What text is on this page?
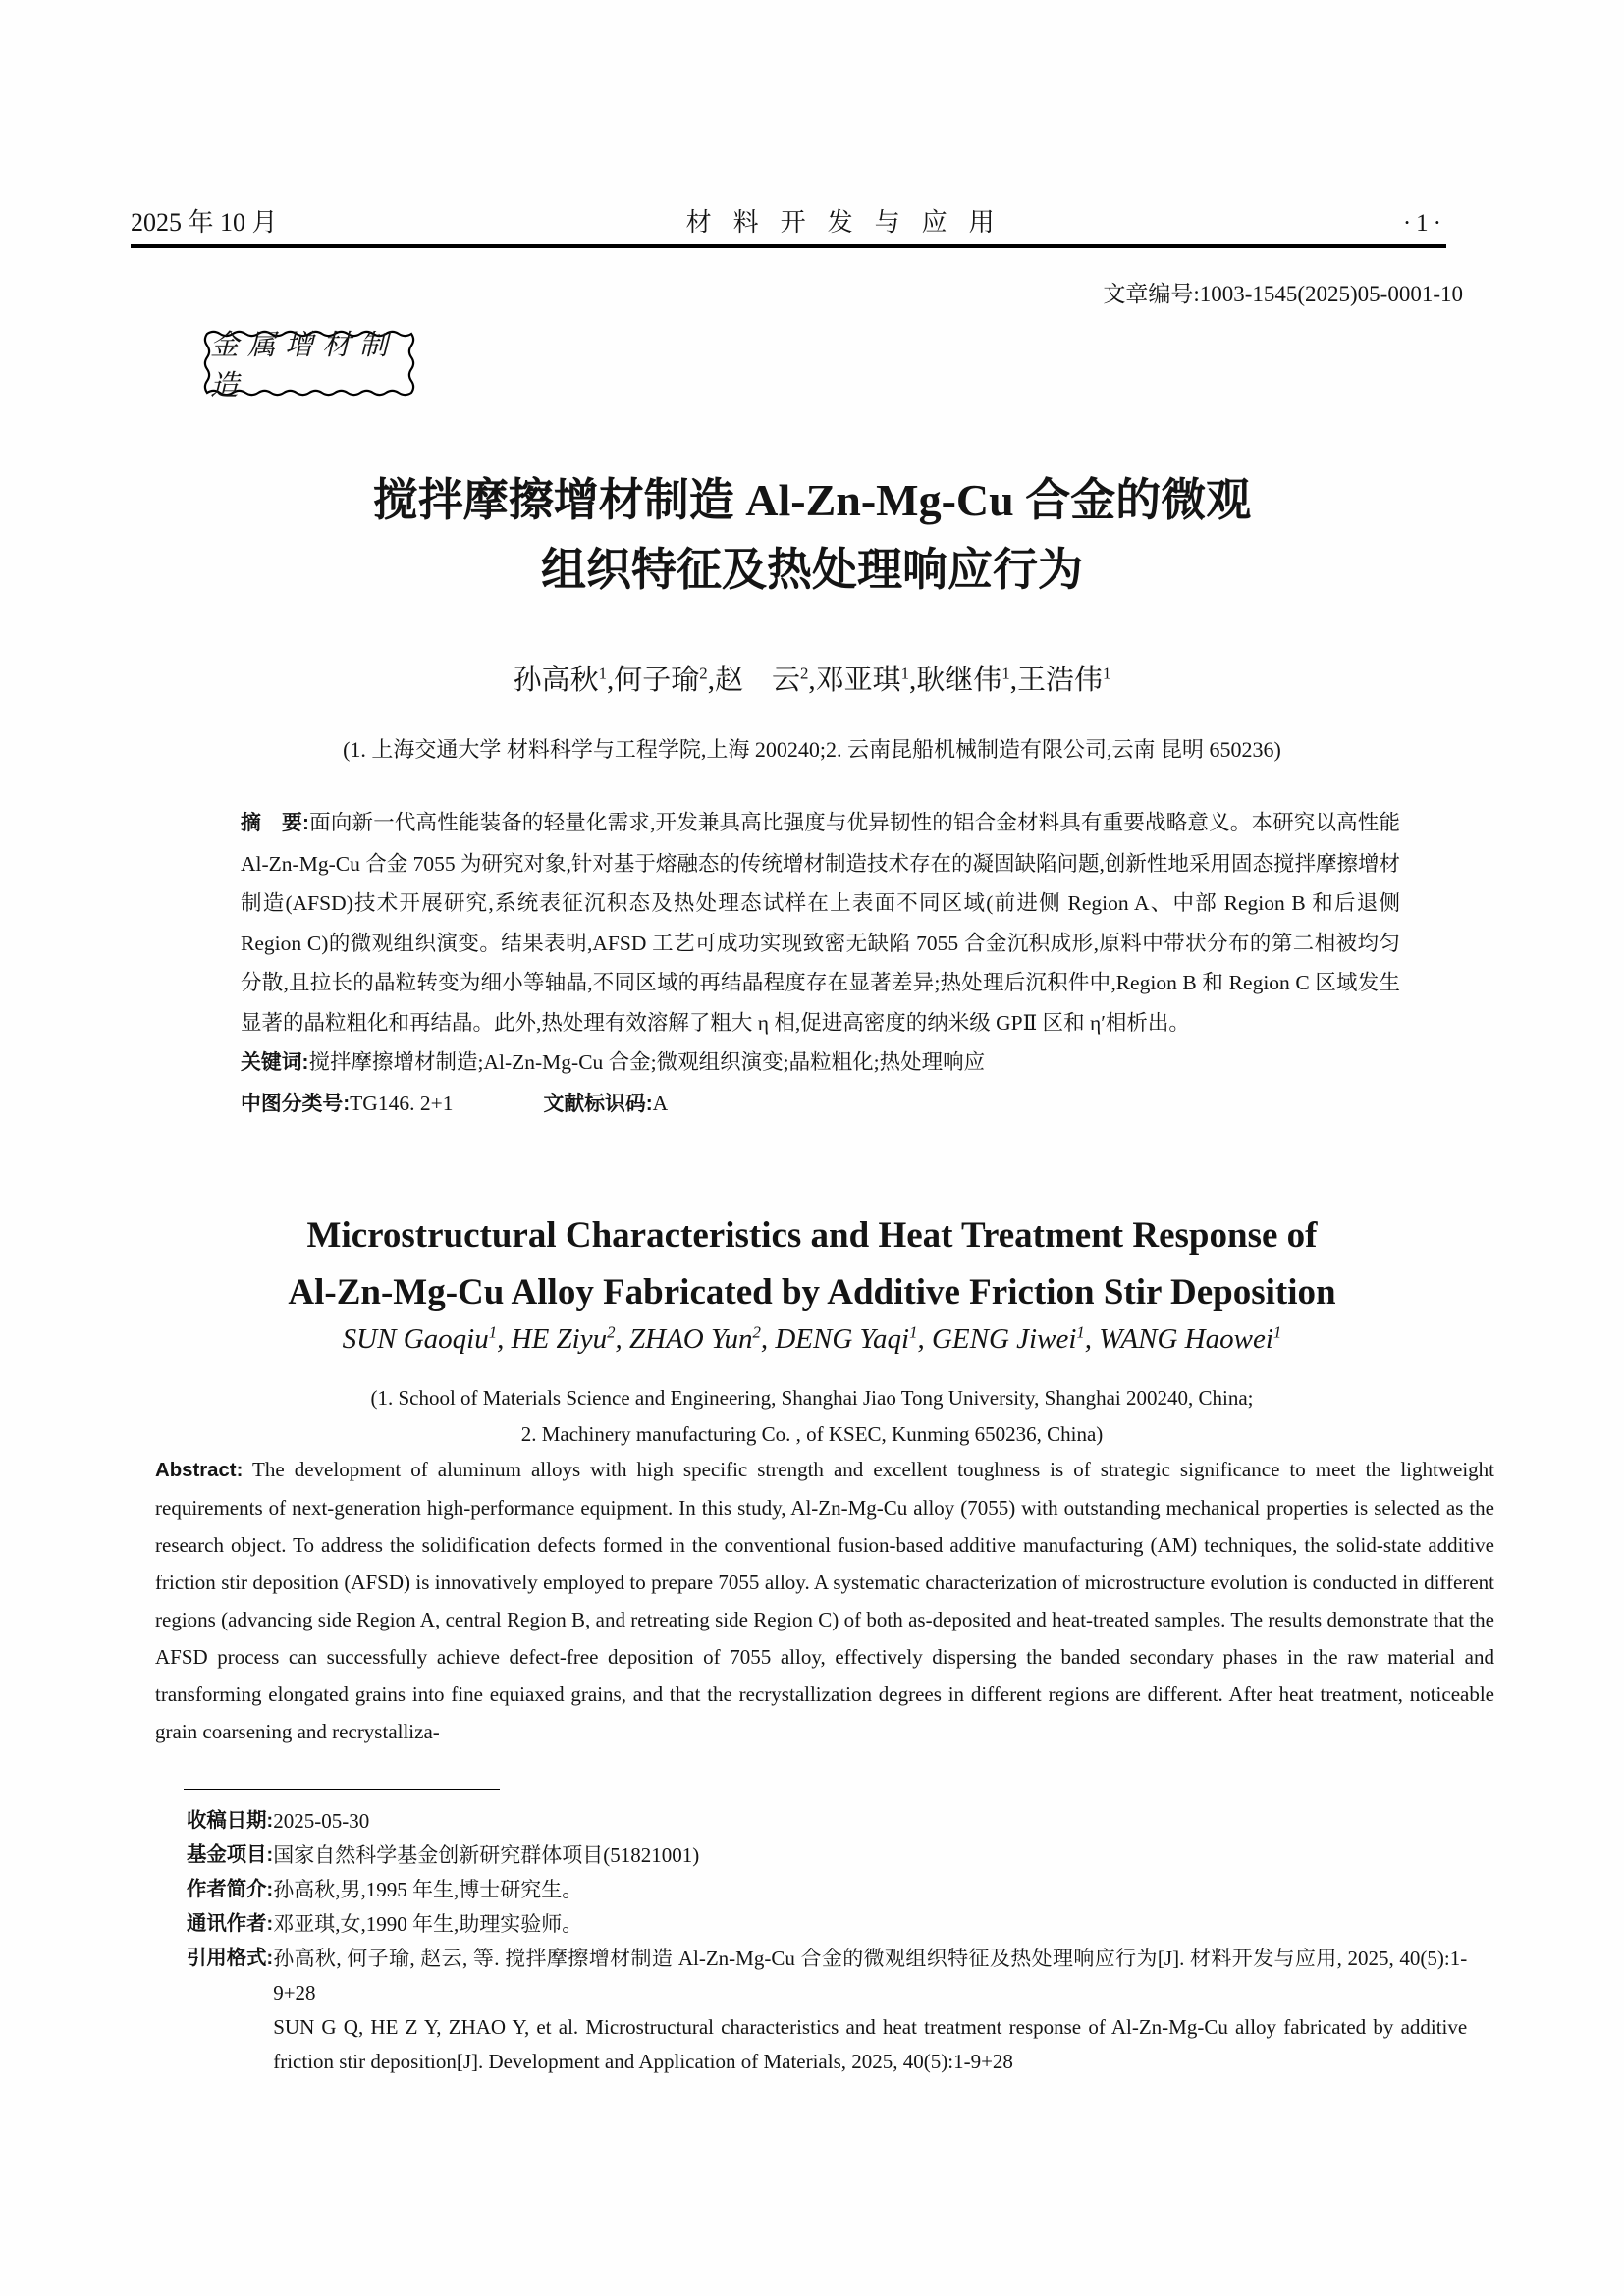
2025 年 10 月	材料开发与应用	·1·
文章编号:1003-1545(2025)05-0001-10
金属增材制造
搅拌摩擦增材制造 Al-Zn-Mg-Cu 合金的微观
组织特征及热处理响应行为
孙高秋$^1$,何子瑜$^2$,赵　云$^2$,邓亚琪$^1$,耿继伟$^1$,王浩伟$^1$
(1. 上海交通大学 材料科学与工程学院,上海 200240;2. 云南昆船机械制造有限公司,云南 昆明 650236)

摘　要:面向新一代高性能装备的轻量化需求,开发兼具高比强度与优异韧性的铝合金材料具有重要战略意义。本研究以高性能 Al-Zn-Mg-Cu 合金 7055 为研究对象,针对基于熔融态的传统增材制造技术存在的凝固缺陷问题,创新性地采用固态搅拌摩擦增材制造(AFSD)技术开展研究,系统表征沉积态及热处理态试样在上表面不同区域(前进侧 Region A、中部 Region B 和后退侧 Region C)的微观组织演变。结果表明,AFSD 工艺可成功实现致密无缺陷 7055 合金沉积成形,原料中带状分布的第二相被均匀分散,且拉长的晶粒转变为细小等轴晶,不同区域的再结晶程度存在显著差异;热处理后沉积件中,Region B 和 Region C 区域发生显著的晶粒粗化和再结晶。此外,热处理有效溶解了粗大 η 相,促进高密度的纳米级 GPⅡ 区和 η′相析出。

关键词:搅拌摩擦增材制造;Al-Zn-Mg-Cu 合金;微观组织演变;晶粒粗化;热处理响应

中图分类号:TG146. 2+1	文献标识码:A

Microstructural Characteristics and Heat Treatment Response of
Al-Zn-Mg-Cu Alloy Fabricated by Additive Friction Stir Deposition
SUN Gaoqiu$^1$, HE Ziyu$^2$, ZHAO Yun$^2$, DENG Yaqi$^1$, GENG Jiwei$^1$, WANG Haowei$^1$
(1. School of Materials Science and Engineering, Shanghai Jiao Tong University, Shanghai 200240, China;
2. Machinery manufacturing Co. , of KSEC, Kunming 650236, China)
Abstract: The development of aluminum alloys with high specific strength and excellent toughness is of strategic significance to meet the lightweight requirements of next-generation high-performance equipment. In this study, Al-Zn-Mg-Cu alloy (7055) with outstanding mechanical properties is selected as the research object. To address the solidification defects formed in the conventional fusion-based additive manufacturing (AM) techniques, the solid-state additive friction stir deposition (AFSD) is innovatively employed to prepare 7055 alloy. A systematic characterization of microstructure evolution is conducted in different regions (advancing side Region A, central Region B, and retreating side Region C) of both as-deposited and heat-treated samples. The results demonstrate that the AFSD process can successfully achieve defect-free deposition of 7055 alloy, effectively dispersing the banded secondary phases in the raw material and transforming elongated grains into fine equiaxed grains, and that the recrystallization degrees in different regions are different. After heat treatment, noticeable grain coarsening and recrystalliza-
收稿日期: 2025-05-30
基金项目: 国家自然科学基金创新研究群体项目(51821001)
作者简介: 孙高秋,男,1995 年生,博士研究生。
通讯作者: 邓亚琪,女,1990 年生,助理实验师。
引用格式: 孙高秋, 何子瑜, 赵云, 等. 搅拌摩擦增材制造 Al-Zn-Mg-Cu 合金的微观组织特征及热处理响应行为[J]. 材料开发与应用, 2025, 40(5):1-9+28

SUN G Q, HE Z Y, ZHAO Y, et al. Microstructural characteristics and heat treatment response of Al-Zn-Mg-Cu alloy fabricated by additive friction stir deposition[J]. Development and Application of Materials, 2025, 40(5):1-9+28
